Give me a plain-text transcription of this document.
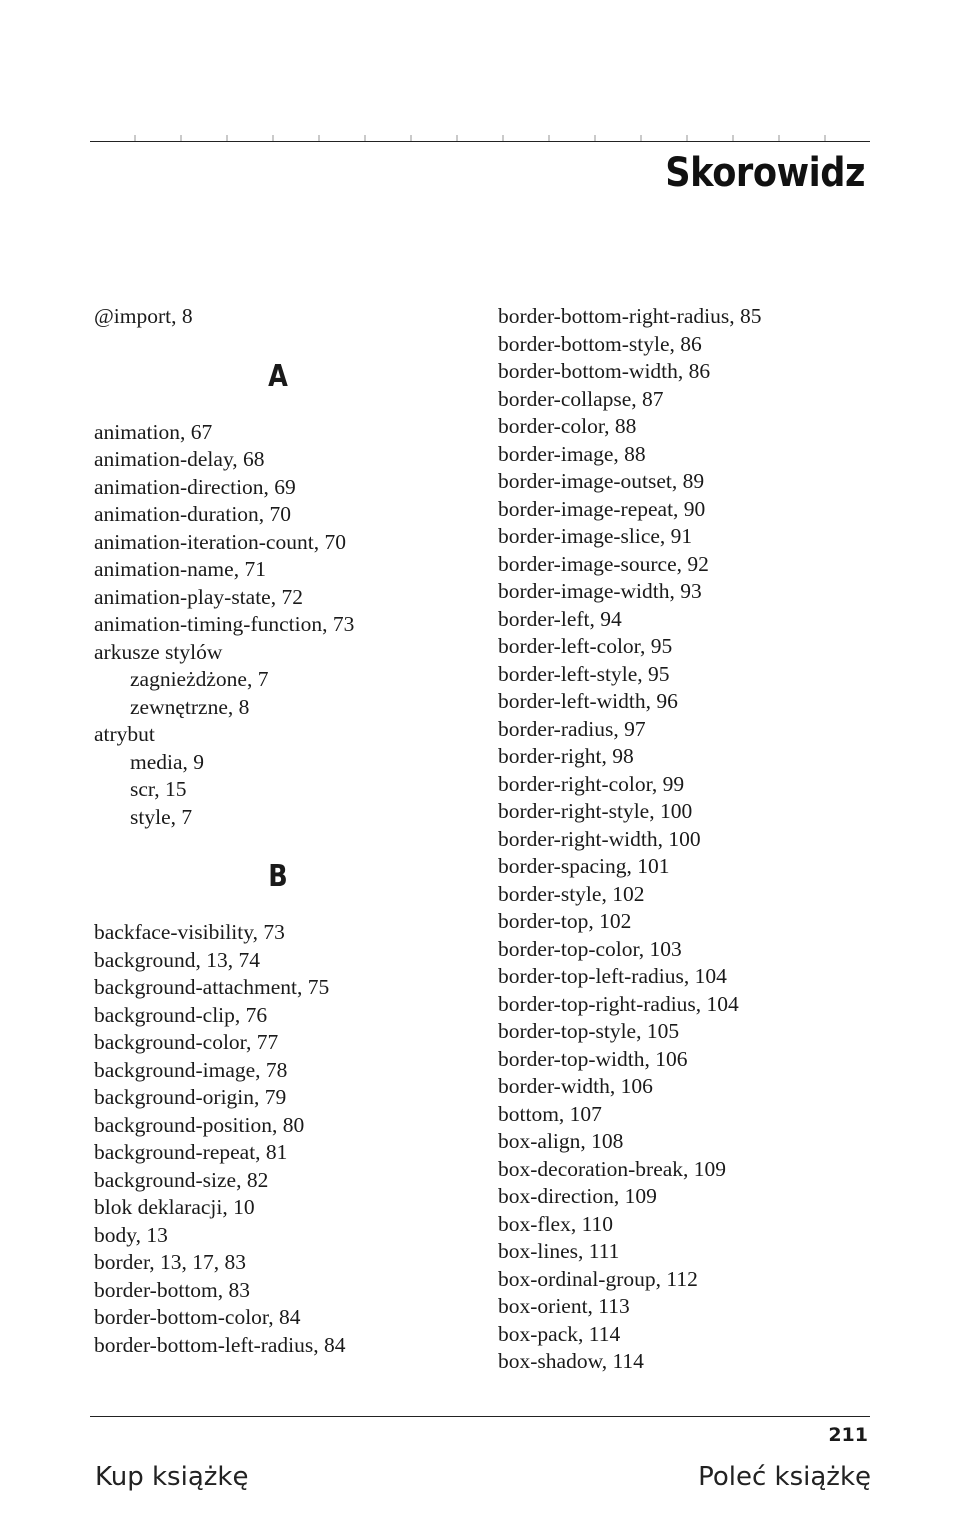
Skorowidz
@import, 8
A
animation, 67
animation-delay, 68
animation-direction, 69
animation-duration, 70
animation-iteration-count, 70
animation-name, 71
animation-play-state, 72
animation-timing-function, 73
arkusze stylów
zagnieżdżone, 7
zewnętrzne, 8
atrybut
media, 9
scr, 15
style, 7
B
backface-visibility, 73
background, 13, 74
background-attachment, 75
background-clip, 76
background-color, 77
background-image, 78
background-origin, 79
background-position, 80
background-repeat, 81
background-size, 82
blok deklaracji, 10
body, 13
border, 13, 17, 83
border-bottom, 83
border-bottom-color, 84
border-bottom-left-radius, 84
border-bottom-right-radius, 85
border-bottom-style, 86
border-bottom-width, 86
border-collapse, 87
border-color, 88
border-image, 88
border-image-outset, 89
border-image-repeat, 90
border-image-slice, 91
border-image-source, 92
border-image-width, 93
border-left, 94
border-left-color, 95
border-left-style, 95
border-left-width, 96
border-radius, 97
border-right, 98
border-right-color, 99
border-right-style, 100
border-right-width, 100
border-spacing, 101
border-style, 102
border-top, 102
border-top-color, 103
border-top-left-radius, 104
border-top-right-radius, 104
border-top-style, 105
border-top-width, 106
border-width, 106
bottom, 107
box-align, 108
box-decoration-break, 109
box-direction, 109
box-flex, 110
box-lines, 111
box-ordinal-group, 112
box-orient, 113
box-pack, 114
box-shadow, 114
211
Kup książkę	Poleć książkę
